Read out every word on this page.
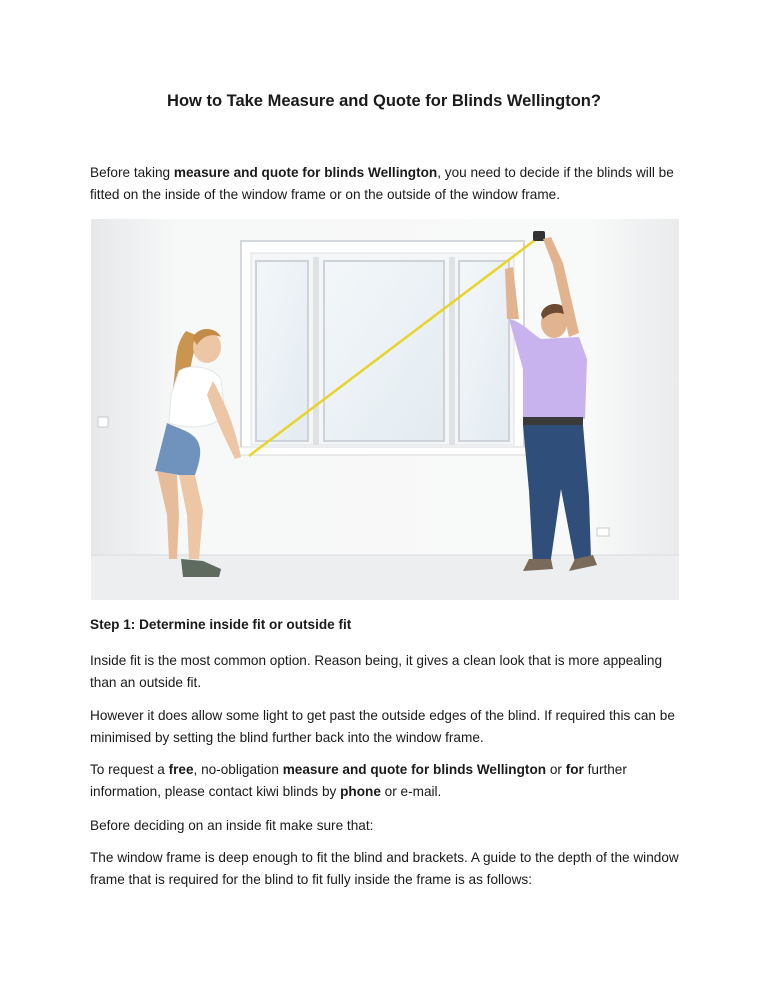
How to Take Measure and Quote for Blinds Wellington?

Before taking measure and quote for blinds Wellington, you need to decide if the blinds will be fitted on the inside of the window frame or on the outside of the window frame.

Step 1: Determine inside fit or outside fit

Inside fit is the most common option. Reason being, it gives a clean look that is more appealing than an outside fit.

However it does allow some light to get past the outside edges of the blind. If required this can be minimised by setting the blind further back into the window frame.

To request a free, no-obligation measure and quote for blinds Wellington or for further information, please contact kiwi blinds by phone or e-mail.

Before deciding on an inside fit make sure that:

The window frame is deep enough to fit the blind and brackets. A guide to the depth of the window frame that is required for the blind to fit fully inside the frame is as follows:
